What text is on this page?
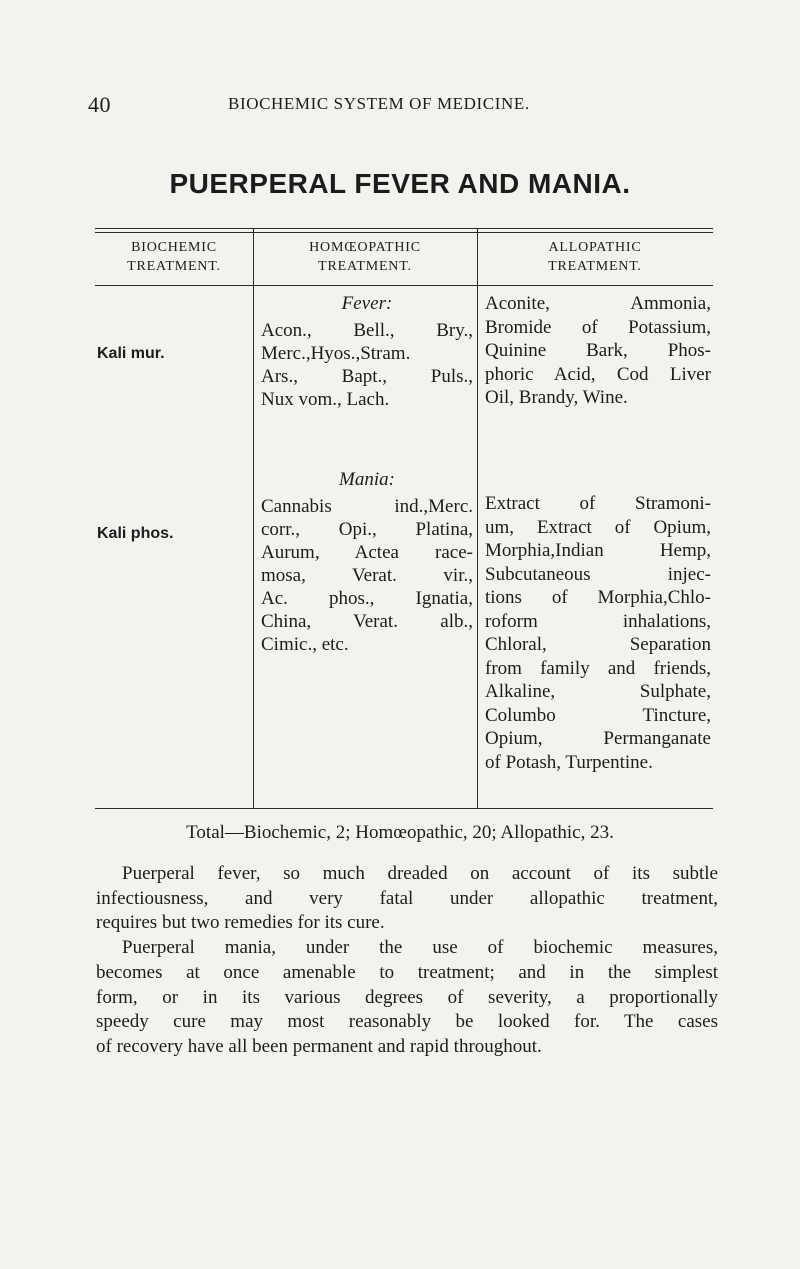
40	BIOCHEMIC SYSTEM OF MEDICINE.
PUERPERAL FEVER AND MANIA.
BIOCHEMIC
TREATMENT.
HOMŒOPATHIC
TREATMENT.
ALLOPATHIC
TREATMENT.
Kali mur.
Kali phos.
Fever:
Acon., Bell., Bry.,
Merc.,Hyos.,Stram.
Ars., Bapt., Puls.,
Nux vom., Lach.
Mania:
Cannabis ind.,Merc.
corr., Opi., Platina,
Aurum, Actea race-
mosa, Verat. vir.,
Ac. phos., Ignatia,
China, Verat. alb.,
Cimic., etc.
Aconite, Ammonia,
Bromide of Potassium,
Quinine Bark, Phos-
phoric Acid, Cod Liver
Oil, Brandy, Wine.
Extract of Stramoni-
um, Extract of Opium,
Morphia,Indian Hemp,
Subcutaneous injec-
tions of Morphia,Chlo-
roform inhalations,
Chloral, Separation
from family and friends,
Alkaline, Sulphate,
Columbo Tincture,
Opium, Permanganate
of Potash, Turpentine.
Total—Biochemic, 2; Homœopathic, 20; Allopathic, 23.
Puerperal fever, so much dreaded on account of its subtle
infectiousness, and very fatal under allopathic treatment,
requires but two remedies for its cure.
Puerperal mania, under the use of biochemic measures,
becomes at once amenable to treatment; and in the simplest
form, or in its various degrees of severity, a proportionally
speedy cure may most reasonably be looked for. The cases
of recovery have all been permanent and rapid throughout.
